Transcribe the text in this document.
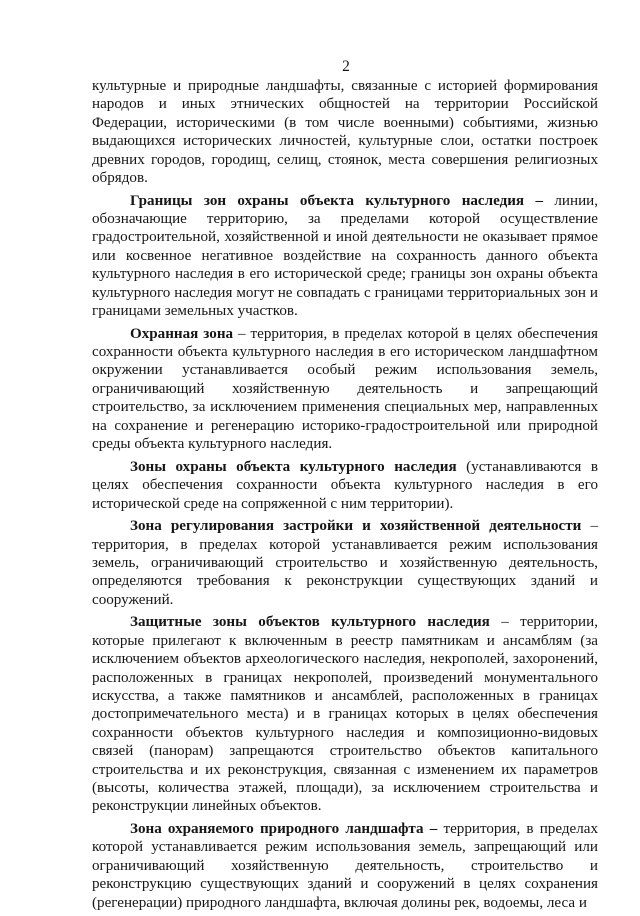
2

культурные и природные ландшафты, связанные с историей формирования народов и иных этнических общностей на территории Российской Федерации, историческими (в том числе военными) событиями, жизнью выдающихся исторических личностей, культурные слои, остатки построек древних городов, городищ, селищ, стоянок, места совершения религиозных обрядов.

Границы зон охраны объекта культурного наследия – линии, обозначающие территорию, за пределами которой осуществление градостроительной, хозяйственной и иной деятельности не оказывает прямое или косвенное негативное воздействие на сохранность данного объекта культурного наследия в его исторической среде; границы зон охраны объекта культурного наследия могут не совпадать с границами территориальных зон и границами земельных участков.

Охранная зона – территория, в пределах которой в целях обеспечения сохранности объекта культурного наследия в его историческом ландшафтном окружении устанавливается особый режим использования земель, ограничивающий хозяйственную деятельность и запрещающий строительство, за исключением применения специальных мер, направленных на сохранение и регенерацию историко-градостроительной или природной среды объекта культурного наследия.

Зоны охраны объекта культурного наследия (устанавливаются в целях обеспечения сохранности объекта культурного наследия в его исторической среде на сопряженной с ним территории).

Зона регулирования застройки и хозяйственной деятельности – территория, в пределах которой устанавливается режим использования земель, ограничивающий строительство и хозяйственную деятельность, определяются требования к реконструкции существующих зданий и сооружений.

Защитные зоны объектов культурного наследия – территории, которые прилегают к включенным в реестр памятникам и ансамблям (за исключением объектов археологического наследия, некрополей, захоронений, расположенных в границах некрополей, произведений монументального искусства, а также памятников и ансамблей, расположенных в границах достопримечательного места) и в границах которых в целях обеспечения сохранности объектов культурного наследия и композиционно-видовых связей (панорам) запрещаются строительство объектов капитального строительства и их реконструкция, связанная с изменением их параметров (высоты, количества этажей, площади), за исключением строительства и реконструкции линейных объектов.

Зона охраняемого природного ландшафта – территория, в пределах которой устанавливается режим использования земель, запрещающий или ограничивающий хозяйственную деятельность, строительство и реконструкцию существующих зданий и сооружений в целях сохранения (регенерации) природного ландшафта, включая долины рек, водоемы, леса и
